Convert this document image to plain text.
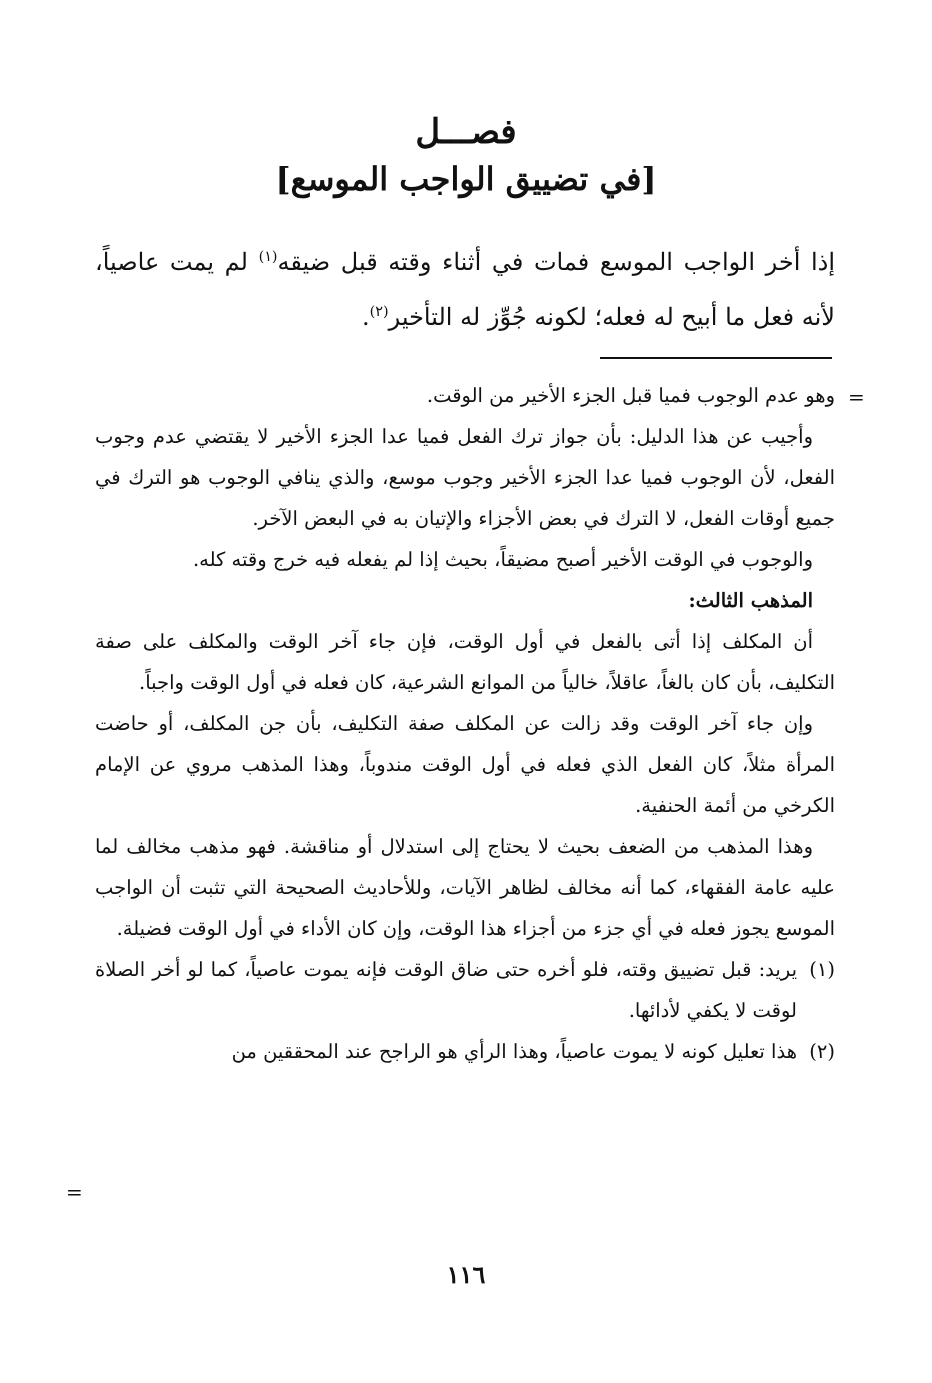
فصـــل
[في تضييق الواجب الموسع]
إذا أخر الواجب الموسع فمات في أثناء وقته قبل ضيقه$^{(١)}$ لم يمت عاصياً، لأنه فعل ما أبيح له فعله؛ لكونه جُوِّز له التأخير$^{(٢)}$.
=

وهو عدم الوجوب فميا قبل الجزء الأخير من الوقت.

وأجيب عن هذا الدليل: بأن جواز ترك الفعل فميا عدا الجزء الأخير لا يقتضي عدم وجوب الفعل، لأن الوجوب فميا عدا الجزء الأخير وجوب موسع، والذي ينافي الوجوب هو الترك في جميع أوقات الفعل، لا الترك في بعض الأجزاء والإتيان به في البعض الآخر.

والوجوب في الوقت الأخير أصبح مضيقاً، بحيث إذا لم يفعله فيه خرج وقته كله.

المذهب الثالث:

أن المكلف إذا أتى بالفعل في أول الوقت، فإن جاء آخر الوقت والمكلف على صفة التكليف، بأن كان بالغاً، عاقلاً، خالياً من الموانع الشرعية، كان فعله في أول الوقت واجباً.

وإن جاء آخر الوقت وقد زالت عن المكلف صفة التكليف، بأن جن المكلف، أو حاضت المرأة مثلاً، كان الفعل الذي فعله في أول الوقت مندوباً، وهذا المذهب مروي عن الإمام الكرخي من أئمة الحنفية.

وهذا المذهب من الضعف بحيث لا يحتاج إلى استدلال أو مناقشة. فهو مذهب مخالف لما عليه عامة الفقهاء، كما أنه مخالف لظاهر الآيات، وللأحاديث الصحيحة التي تثبت أن الواجب الموسع يجوز فعله في أي جزء من أجزاء هذا الوقت، وإن كان الأداء في أول الوقت فضيلة.

(١)
يريد: قبل تضييق وقته، فلو أخره حتى ضاق الوقت فإنه يموت عاصياً، كما لو أخر الصلاة لوقت لا يكفي لأدائها.

(٢)
هذا تعليل كونه لا يموت عاصياً، وهذا الرأي هو الراجح عند المحققين من

=
١١٦
